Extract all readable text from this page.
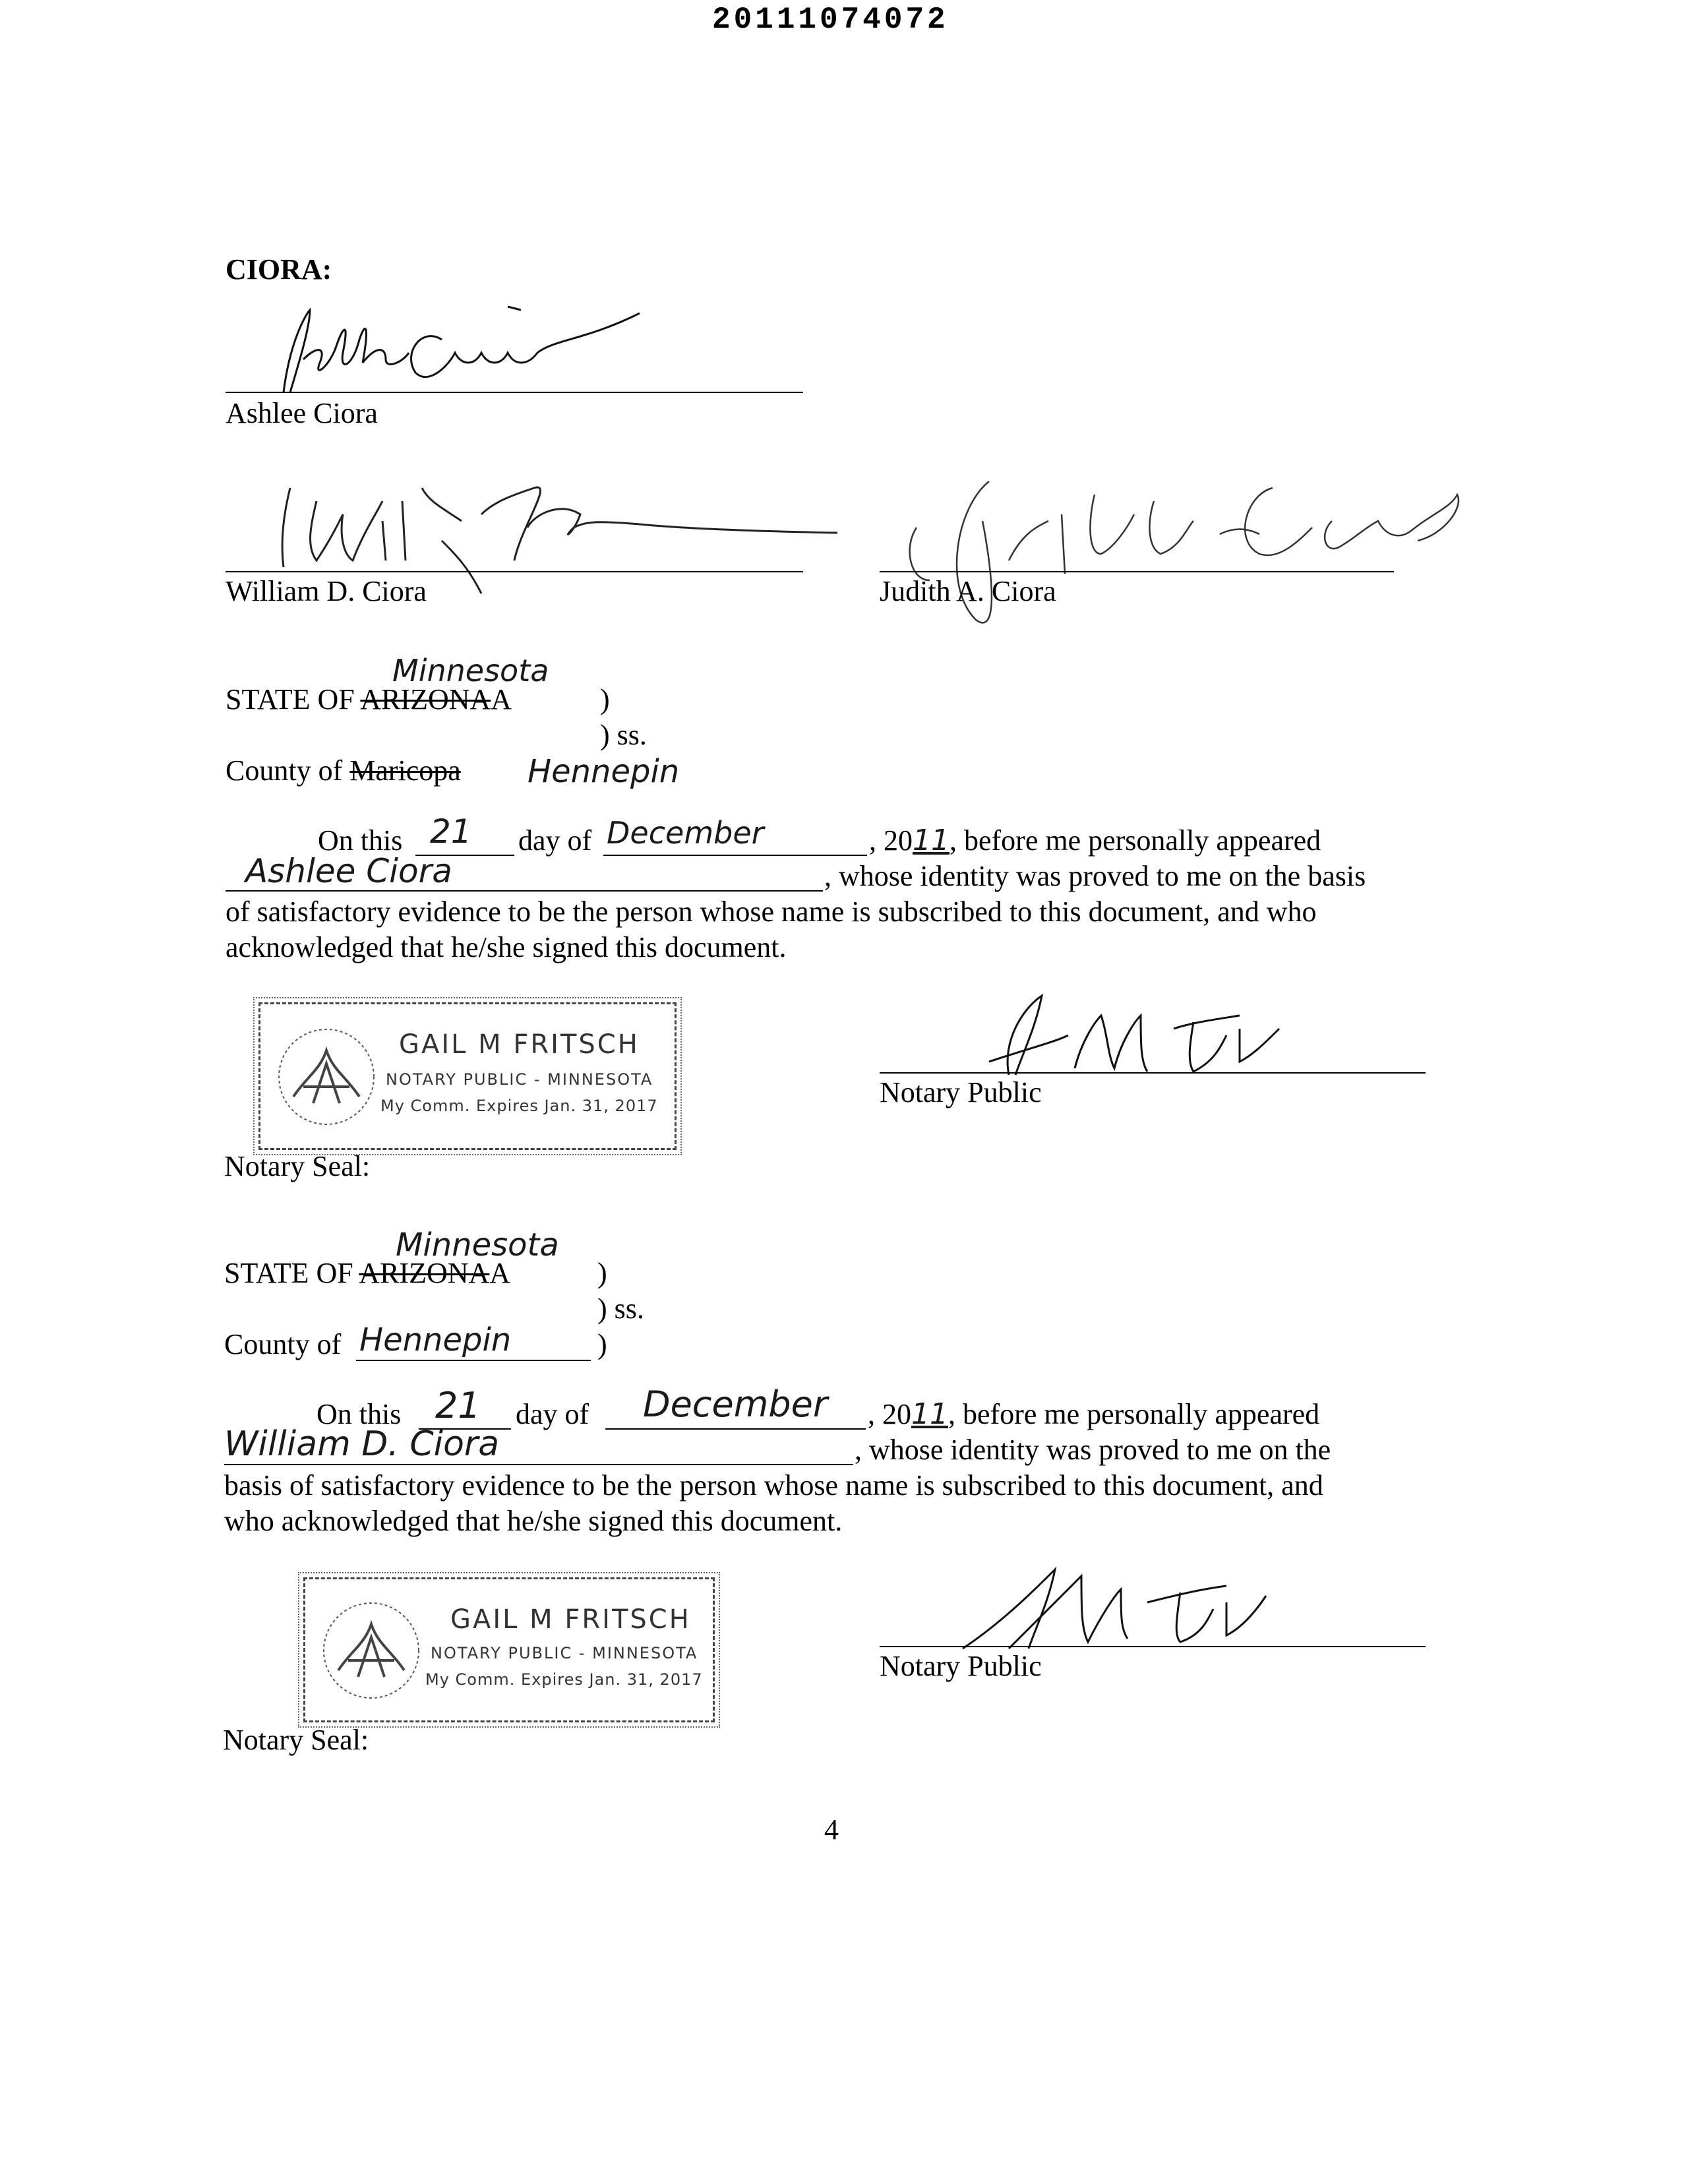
20111074072
CIORA:
Ashlee Ciora
William D. Ciora	Judith A. Ciora
Minnesota
STATE OF ARIZONAA	)
) ss.
County of Maricopa Hennepin
On this 21 day of December	, 2011, before me personally appeared
Ashlee Ciora	, whose identity was proved to me on the basis
of satisfactory evidence to be the person whose name is subscribed to this document, and who
acknowledged that he/she signed this document.
GAIL M FRITSCH
NOTARY PUBLIC - MINNESOTA
My Comm. Expires Jan. 31, 2017	Notary Public
Notary Seal:
Minnesota
STATE OF ARIZONAA	)
) ss.
County of Hennepin	)
On this 21 day of December , 2011, before me personally appeared
William D. Ciora	, whose identity was proved to me on the
basis of satisfactory evidence to be the person whose name is subscribed to this document, and
who acknowledged that he/she signed this document.
GAIL M FRITSCH
NOTARY PUBLIC - MINNESOTA
My Comm. Expires Jan. 31, 2017	Notary Public
Notary Seal:
4
